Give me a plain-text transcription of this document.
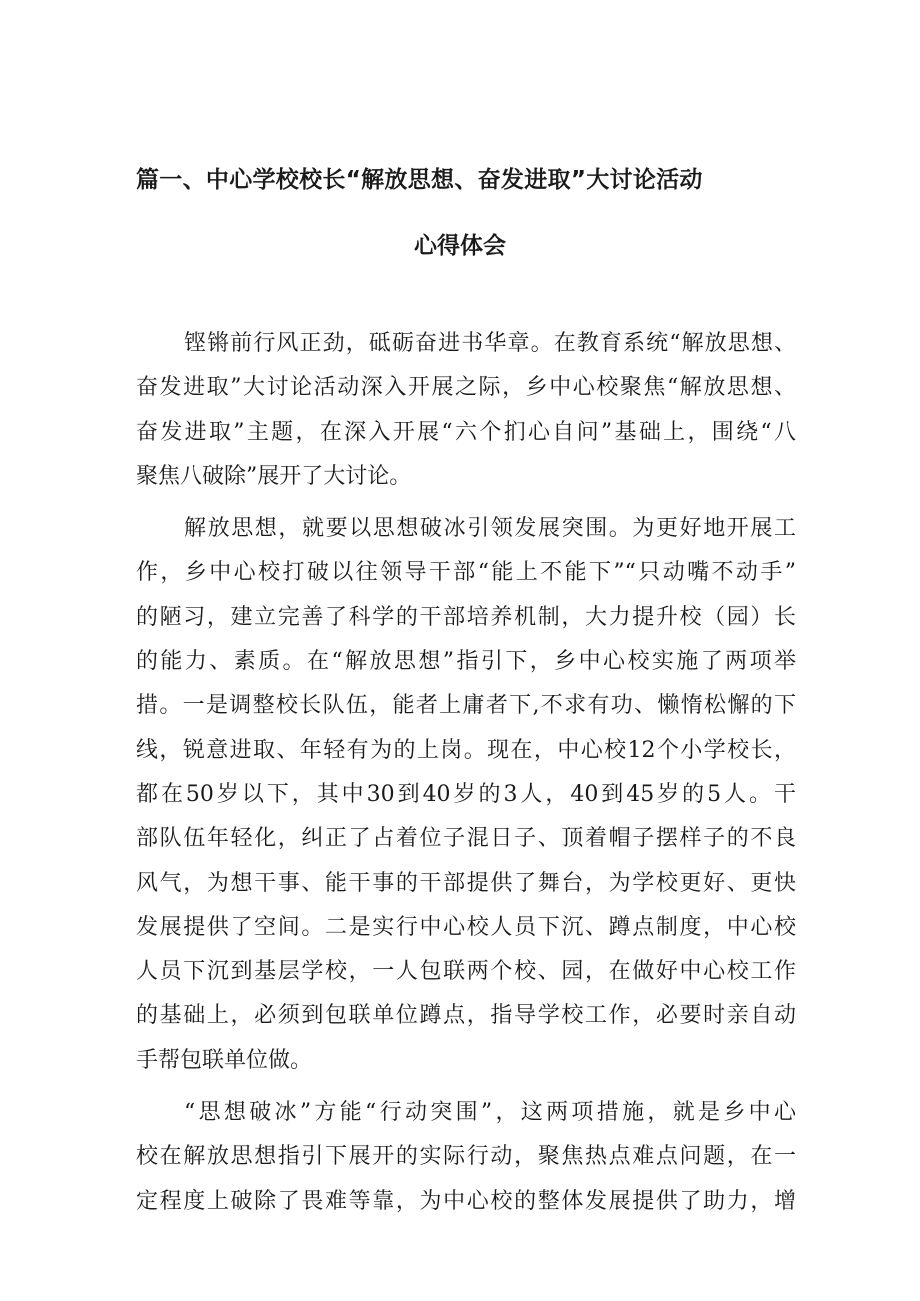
篇一、中心学校校长“解放思想、奋发进取”大讨论活动
心得体会
铿锵前行风正劲，砥砺奋进书华章。在教育系统“解放思想、
奋发进取”大讨论活动深入开展之际，乡中心校聚焦“解放思想、
奋发进取”主题，在深入开展“六个扪心自问”基础上，围绕“八
聚焦八破除”展开了大讨论。
解放思想，就要以思想破冰引领发展突围。为更好地开展工
作，乡中心校打破以往领导干部“能上不能下”“只动嘴不动手”
的陋习，建立完善了科学的干部培养机制，大力提升校（园）长
的能力、素质。在“解放思想”指引下，乡中心校实施了两项举
措。一是调整校长队伍，能者上庸者下,不求有功、懒惰松懈的下
线，锐意进取、年轻有为的上岗。现在，中心校12个小学校长，
都在50岁以下，其中30到40岁的3人，40到45岁的5人。干
部队伍年轻化，纠正了占着位子混日子、顶着帽子摆样子的不良
风气，为想干事、能干事的干部提供了舞台，为学校更好、更快
发展提供了空间。二是实行中心校人员下沉、蹲点制度，中心校
人员下沉到基层学校，一人包联两个校、园，在做好中心校工作
的基础上，必须到包联单位蹲点，指导学校工作，必要时亲自动
手帮包联单位做。
“思想破冰”方能“行动突围”，这两项措施，就是乡中心
校在解放思想指引下展开的实际行动，聚焦热点难点问题，在一
定程度上破除了畏难等靠，为中心校的整体发展提供了助力，增
